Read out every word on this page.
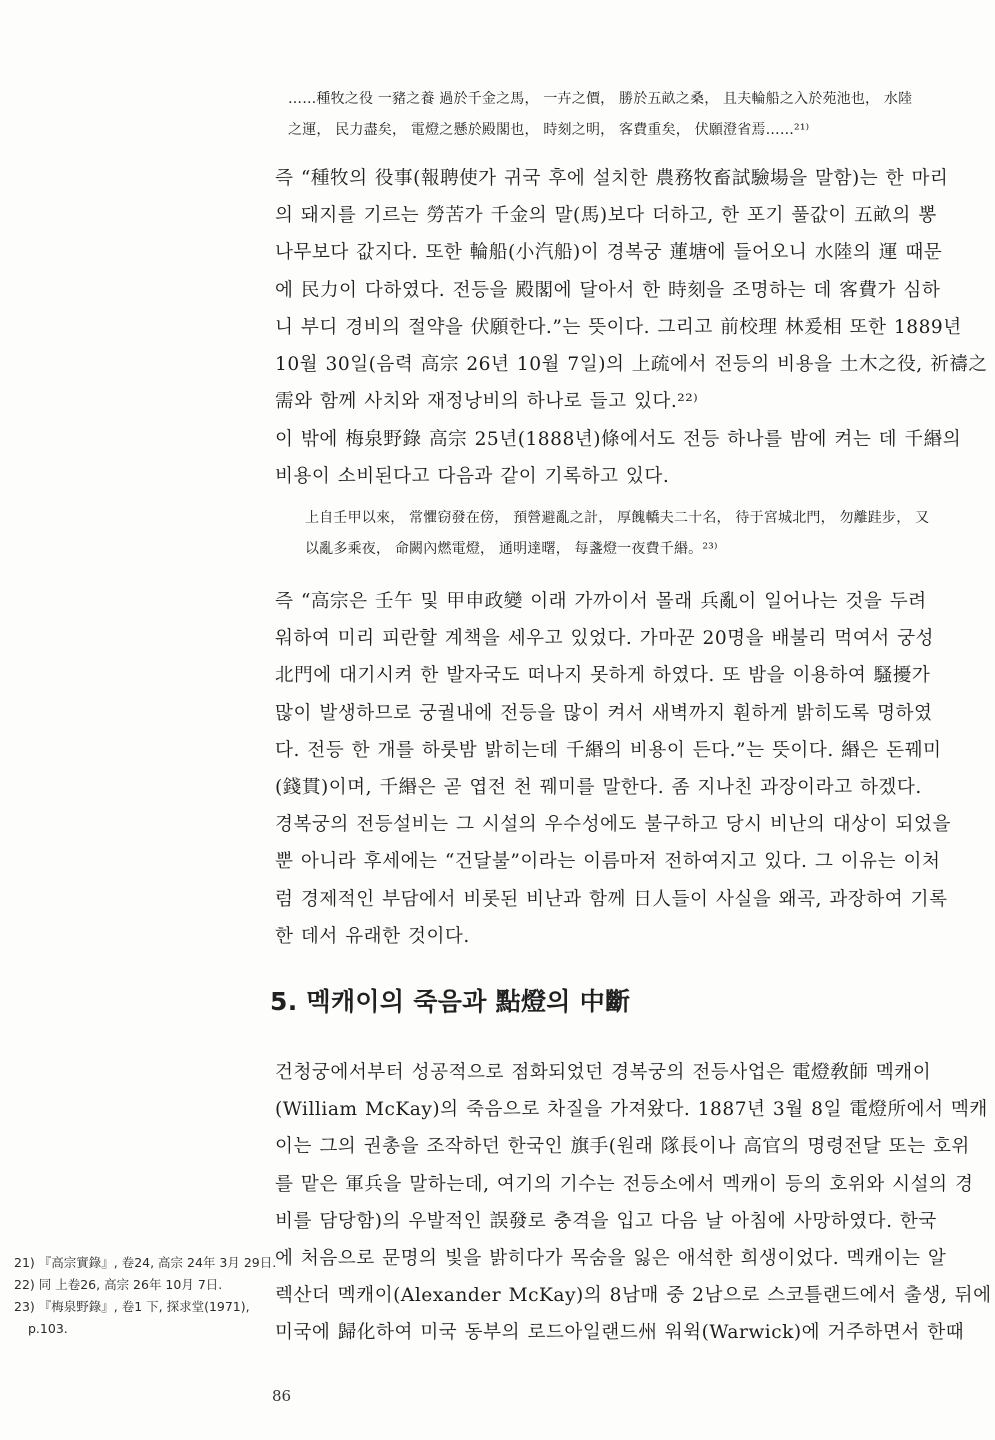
……種牧之役 一豬之養 過於千金之馬， 一卉之價， 勝於五畝之桑， 且夫輪船之入於苑池也， 水陸
之運， 民力盡矣， 電燈之懸於殿閣也， 時刻之明， 客費重矣， 伏願澄省焉……²¹⁾
즉 “種牧의 役事(報聘使가 귀국 후에 설치한 農務牧畜試驗場을 말함)는 한 마리
의 돼지를 기르는 勞苦가 千金의 말(馬)보다 더하고, 한 포기 풀값이 五畝의 뽕
나무보다 값지다. 또한 輪船(小汽船)이 경복궁 蓮塘에 들어오니 水陸의 運 때문
에 民力이 다하였다. 전등을 殿閣에 달아서 한 時刻을 조명하는 데 客費가 심하
니 부디 경비의 절약을 伏願한다.”는 뜻이다. 그리고 前校理 林爰相 또한 1889년
10월 30일(음력 高宗 26년 10월 7일)의 上疏에서 전등의 비용을 土木之役, 祈禱之
需와 함께 사치와 재정낭비의 하나로 들고 있다.²²⁾
이 밖에 梅泉野錄 高宗 25년(1888년)條에서도 전등 하나를 밤에 켜는 데 千緡의
비용이 소비된다고 다음과 같이 기록하고 있다.
上自壬甲以來， 常懼窃發在傍， 預營避亂之計， 厚餽轎夫二十名， 待于宮城北門， 勿離跬步， 又
以亂多乘夜， 命闕內燃電燈， 通明達曙， 每盞燈一夜費千緡。²³⁾
즉 “高宗은 壬午 및 甲申政變 이래 가까이서 몰래 兵亂이 일어나는 것을 두려
워하여 미리 피란할 계책을 세우고 있었다. 가마꾼 20명을 배불리 먹여서 궁성
北門에 대기시켜 한 발자국도 떠나지 못하게 하였다. 또 밤을 이용하여 騷擾가
많이 발생하므로 궁궐내에 전등을 많이 켜서 새벽까지 훤하게 밝히도록 명하였
다. 전등 한 개를 하룻밤 밝히는데 千緡의 비용이 든다.”는 뜻이다. 緡은 돈꿰미
(錢貫)이며, 千緡은 곧 엽전 천 꿰미를 말한다. 좀 지나친 과장이라고 하겠다.
경복궁의 전등설비는 그 시설의 우수성에도 불구하고 당시 비난의 대상이 되었을
뿐 아니라 후세에는 “건달불”이라는 이름마저 전하여지고 있다. 그 이유는 이처
럼 경제적인 부담에서 비롯된 비난과 함께 日人들이 사실을 왜곡, 과장하여 기록
한 데서 유래한 것이다.
5. 멕캐이의 죽음과 點燈의 中斷
건청궁에서부터 성공적으로 점화되었던 경복궁의 전등사업은 電燈敎師 멕캐이
(William McKay)의 죽음으로 차질을 가져왔다. 1887년 3월 8일 電燈所에서 멕캐
이는 그의 권총을 조작하던 한국인 旗手(원래 隊長이나 高官의 명령전달 또는 호위
를 맡은 軍兵을 말하는데, 여기의 기수는 전등소에서 멕캐이 등의 호위와 시설의 경
비를 담당함)의 우발적인 誤發로 충격을 입고 다음 날 아침에 사망하였다. 한국
에 처음으로 문명의 빛을 밝히다가 목숨을 잃은 애석한 희생이었다. 멕캐이는 알
렉산더 멕캐이(Alexander McKay)의 8남매 중 2남으로 스코틀랜드에서 출생, 뒤에
미국에 歸化하여 미국 동부의 로드아일랜드州 워윅(Warwick)에 거주하면서 한때
21) 『高宗實錄』, 卷24, 高宗 24年 3月 29日.
22) 同 上卷26, 高宗 26年 10月 7日.
23) 『梅泉野錄』, 卷1 下, 探求堂(1971),
p.103.
86
